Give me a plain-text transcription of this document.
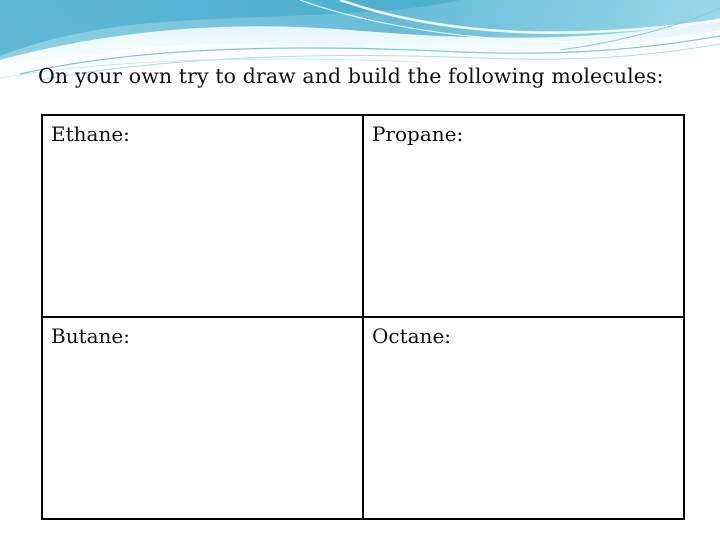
On your own try to draw and build the following molecules:
Ethane:	Propane:
Butane:	Octane:
